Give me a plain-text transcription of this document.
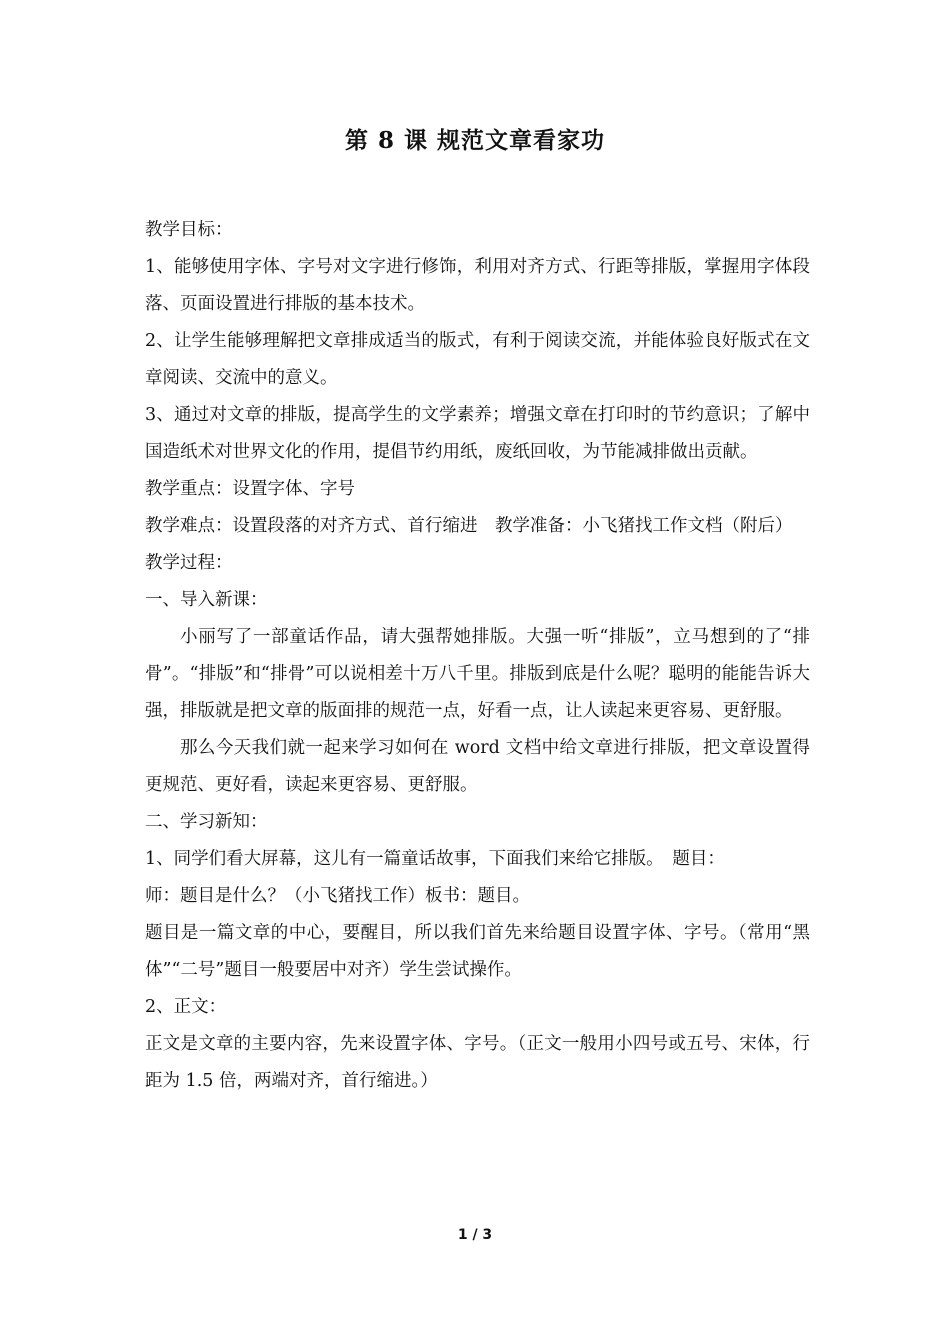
第 8 课 规范文章看家功

教学目标：

1、能够使用字体、字号对文字进行修饰，利用对齐方式、行距等排版，掌握用字体段落、页面设置进行排版的基本技术。

2、让学生能够理解把文章排成适当的版式，有利于阅读交流，并能体验良好版式在文章阅读、交流中的意义。

3、通过对文章的排版，提高学生的文学素养；增强文章在打印时的节约意识；了解中国造纸术对世界文化的作用，提倡节约用纸，废纸回收，为节能减排做出贡献。

教学重点：设置字体、字号

教学难点：设置段落的对齐方式、首行缩进　教学准备：小飞猪找工作文档（附后）

教学过程：

一、导入新课：

小丽写了一部童话作品，请大强帮她排版。大强一听“排版”，立马想到的了“排骨”。“排版”和“排骨”可以说相差十万八千里。排版到底是什么呢？聪明的能能告诉大强，排版就是把文章的版面排的规范一点，好看一点，让人读起来更容易、更舒服。

那么今天我们就一起来学习如何在 word 文档中给文章进行排版，把文章设置得更规范、更好看，读起来更容易、更舒服。

二、学习新知：

1、同学们看大屏幕，这儿有一篇童话故事，下面我们来给它排版。　题目：

师：题目是什么？（小飞猪找工作）板书：题目。

题目是一篇文章的中心，要醒目，所以我们首先来给题目设置字体、字号。（常用“黑体”“二号”题目一般要居中对齐）学生尝试操作。

2、正文：

正文是文章的主要内容，先来设置字体、字号。（正文一般用小四号或五号、宋体，行距为 1.5 倍，两端对齐，首行缩进。）

1 / 3
